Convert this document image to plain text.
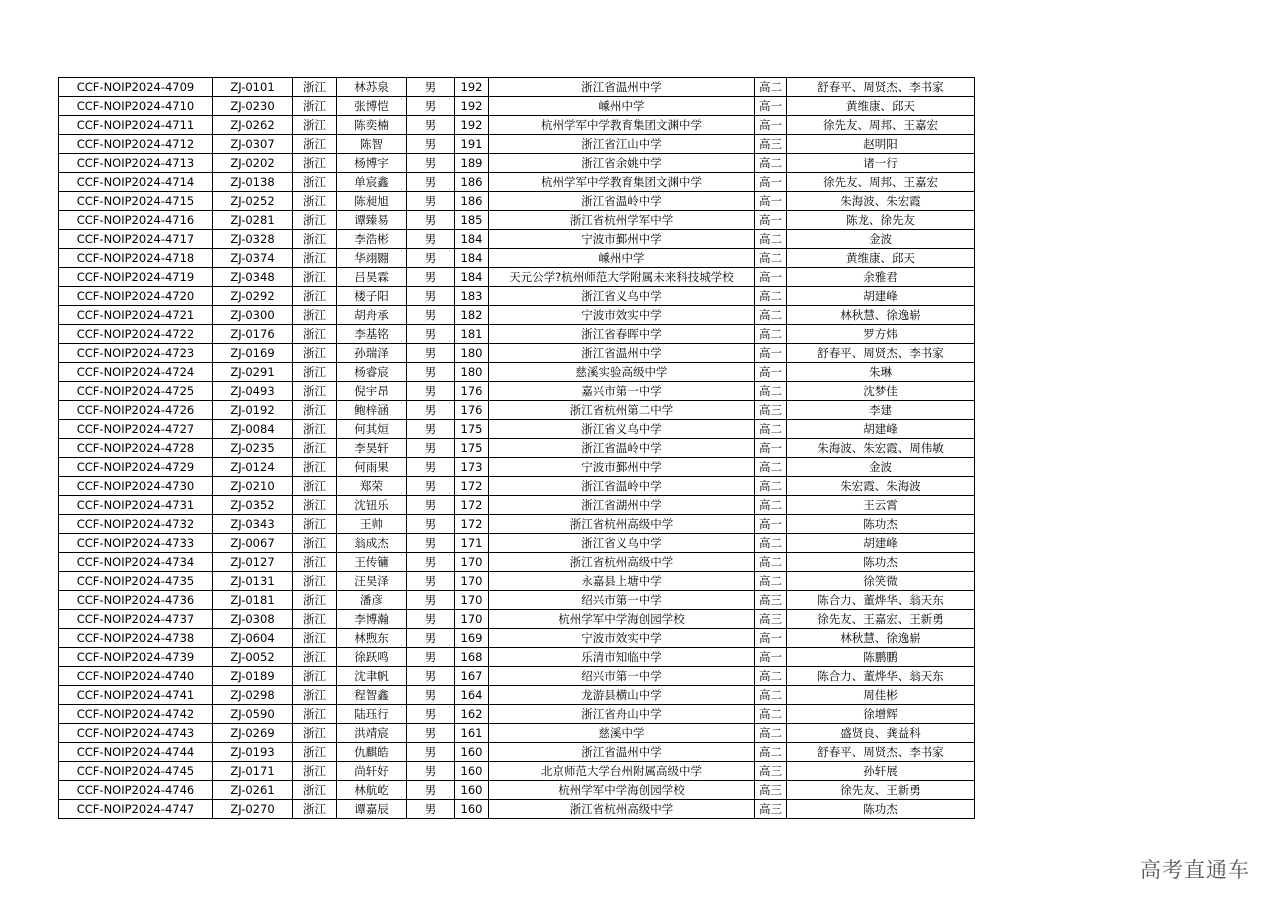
CCF-NOIP2024-4709	ZJ-0101	浙江	林苏泉	男	192	浙江省温州中学	高二	舒春平、周贤杰、李书家
CCF-NOIP2024-4710	ZJ-0230	浙江	张博恺	男	192	嵊州中学	高一	黄维康、邱天
CCF-NOIP2024-4711	ZJ-0262	浙江	陈奕楠	男	192	杭州学军中学教育集团文渊中学	高一	徐先友、周邦、王嘉宏
CCF-NOIP2024-4712	ZJ-0307	浙江	陈智	男	191	浙江省江山中学	高三	赵明阳
CCF-NOIP2024-4713	ZJ-0202	浙江	杨博宇	男	189	浙江省余姚中学	高二	诸一行
CCF-NOIP2024-4714	ZJ-0138	浙江	单宸鑫	男	186	杭州学军中学教育集团文渊中学	高一	徐先友、周邦、王嘉宏
CCF-NOIP2024-4715	ZJ-0252	浙江	陈昶旭	男	186	浙江省温岭中学	高一	朱海波、朱宏霞
CCF-NOIP2024-4716	ZJ-0281	浙江	谭臻易	男	185	浙江省杭州学军中学	高一	陈龙、徐先友
CCF-NOIP2024-4717	ZJ-0328	浙江	李浩彬	男	184	宁波市鄞州中学	高二	金波
CCF-NOIP2024-4718	ZJ-0374	浙江	华翊翾	男	184	嵊州中学	高二	黄维康、邱天
CCF-NOIP2024-4719	ZJ-0348	浙江	吕昊霖	男	184	天元公学?杭州师范大学附属未来科技城学校	高一	余雅君
CCF-NOIP2024-4720	ZJ-0292	浙江	楼子阳	男	183	浙江省义乌中学	高二	胡建峰
CCF-NOIP2024-4721	ZJ-0300	浙江	胡舟承	男	182	宁波市效实中学	高二	林秋慧、徐逸崭
CCF-NOIP2024-4722	ZJ-0176	浙江	李基铭	男	181	浙江省春晖中学	高二	罗方炜
CCF-NOIP2024-4723	ZJ-0169	浙江	孙瑞泽	男	180	浙江省温州中学	高一	舒春平、周贤杰、李书家
CCF-NOIP2024-4724	ZJ-0291	浙江	杨睿宸	男	180	慈溪实验高级中学	高一	朱琳
CCF-NOIP2024-4725	ZJ-0493	浙江	倪宇昂	男	176	嘉兴市第一中学	高二	沈梦佳
CCF-NOIP2024-4726	ZJ-0192	浙江	鲍梓涵	男	176	浙江省杭州第二中学	高三	李建
CCF-NOIP2024-4727	ZJ-0084	浙江	何其烜	男	175	浙江省义乌中学	高二	胡建峰
CCF-NOIP2024-4728	ZJ-0235	浙江	李昊轩	男	175	浙江省温岭中学	高一	朱海波、朱宏霞、周伟敏
CCF-NOIP2024-4729	ZJ-0124	浙江	何雨果	男	173	宁波市鄞州中学	高二	金波
CCF-NOIP2024-4730	ZJ-0210	浙江	郑荣	男	172	浙江省温岭中学	高二	朱宏霞、朱海波
CCF-NOIP2024-4731	ZJ-0352	浙江	沈钮乐	男	172	浙江省湖州中学	高二	王云霄
CCF-NOIP2024-4732	ZJ-0343	浙江	王帅	男	172	浙江省杭州高级中学	高一	陈功杰
CCF-NOIP2024-4733	ZJ-0067	浙江	翁成杰	男	171	浙江省义乌中学	高二	胡建峰
CCF-NOIP2024-4734	ZJ-0127	浙江	王传镛	男	170	浙江省杭州高级中学	高二	陈功杰
CCF-NOIP2024-4735	ZJ-0131	浙江	汪昊泽	男	170	永嘉县上塘中学	高二	徐笑微
CCF-NOIP2024-4736	ZJ-0181	浙江	潘彦	男	170	绍兴市第一中学	高三	陈合力、董烨华、翁天东
CCF-NOIP2024-4737	ZJ-0308	浙江	李博瀚	男	170	杭州学军中学海创园学校	高三	徐先友、王嘉宏、王新勇
CCF-NOIP2024-4738	ZJ-0604	浙江	林煦东	男	169	宁波市效实中学	高一	林秋慧、徐逸崭
CCF-NOIP2024-4739	ZJ-0052	浙江	徐跃鸣	男	168	乐清市知临中学	高一	陈鹏鹏
CCF-NOIP2024-4740	ZJ-0189	浙江	沈聿帆	男	167	绍兴市第一中学	高二	陈合力、董烨华、翁天东
CCF-NOIP2024-4741	ZJ-0298	浙江	程智鑫	男	164	龙游县横山中学	高二	周佳彬
CCF-NOIP2024-4742	ZJ-0590	浙江	陆珏行	男	162	浙江省舟山中学	高二	徐增辉
CCF-NOIP2024-4743	ZJ-0269	浙江	洪靖宸	男	161	慈溪中学	高二	盛贤良、龚益科
CCF-NOIP2024-4744	ZJ-0193	浙江	仇麒皓	男	160	浙江省温州中学	高二	舒春平、周贤杰、李书家
CCF-NOIP2024-4745	ZJ-0171	浙江	尚轩好	男	160	北京师范大学台州附属高级中学	高三	孙轩展
CCF-NOIP2024-4746	ZJ-0261	浙江	林航屹	男	160	杭州学军中学海创园学校	高三	徐先友、王新勇
CCF-NOIP2024-4747	ZJ-0270	浙江	谭嘉辰	男	160	浙江省杭州高级中学	高三	陈功杰
高考直通车
